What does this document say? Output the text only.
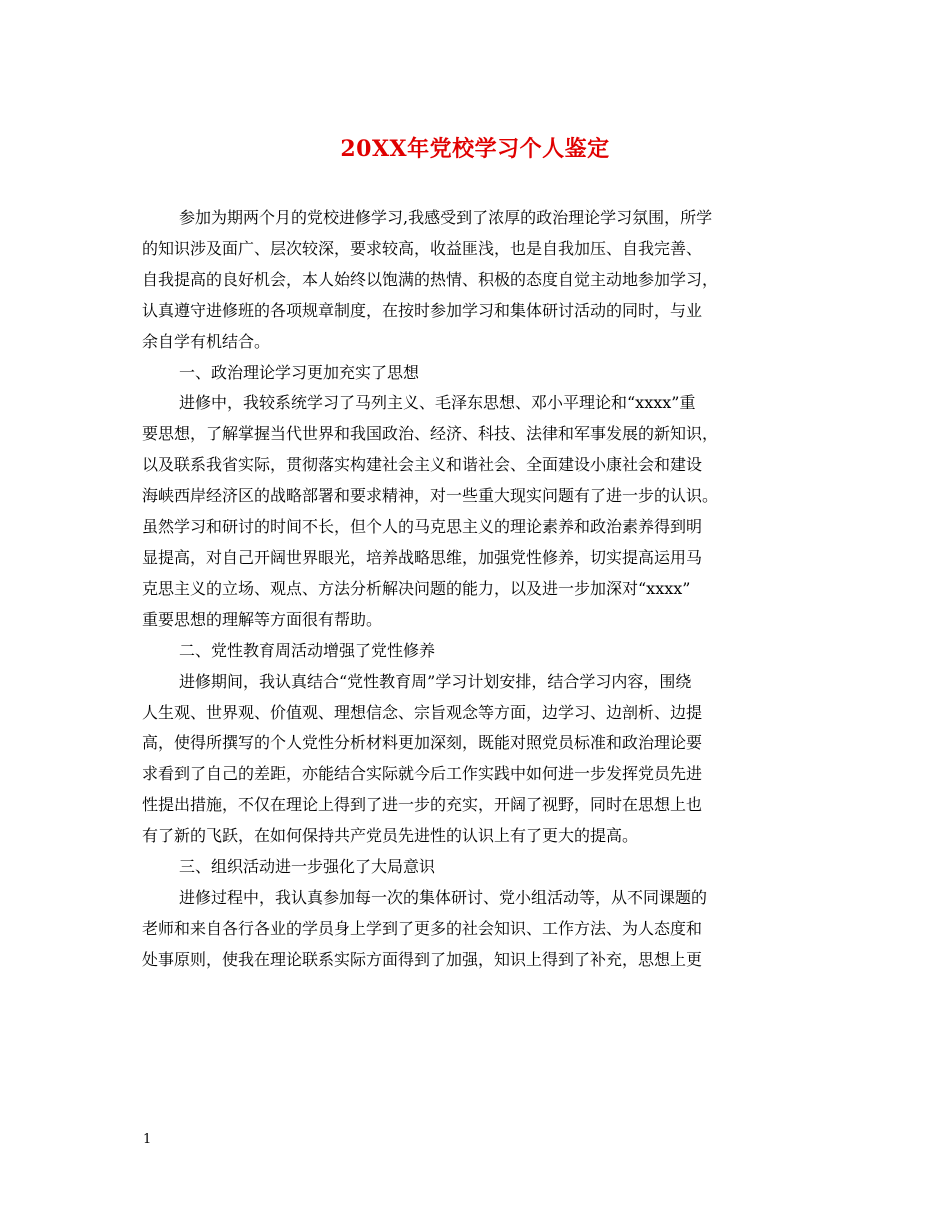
20XX年党校学习个人鉴定

参加为期两个月的党校进修学习,我感受到了浓厚的政治理论学习氛围，所学

的知识涉及面广、层次较深，要求较高，收益匪浅，也是自我加压、自我完善、

自我提高的良好机会，本人始终以饱满的热情、积极的态度自觉主动地参加学习，

认真遵守进修班的各项规章制度，在按时参加学习和集体研讨活动的同时，与业

余自学有机结合。

一、政治理论学习更加充实了思想

进修中，我较系统学习了马列主义、毛泽东思想、邓小平理论和“xxxx”重

要思想，了解掌握当代世界和我国政治、经济、科技、法律和军事发展的新知识，

以及联系我省实际，贯彻落实构建社会主义和谐社会、全面建设小康社会和建设

海峡西岸经济区的战略部署和要求精神，对一些重大现实问题有了进一步的认识。

虽然学习和研讨的时间不长，但个人的马克思主义的理论素养和政治素养得到明

显提高，对自己开阔世界眼光，培养战略思维，加强党性修养，切实提高运用马

克思主义的立场、观点、方法分析解决问题的能力，以及进一步加深对“xxxx”

重要思想的理解等方面很有帮助。

二、党性教育周活动增强了党性修养

进修期间，我认真结合“党性教育周”学习计划安排，结合学习内容，围绕

人生观、世界观、价值观、理想信念、宗旨观念等方面，边学习、边剖析、边提

高，使得所撰写的个人党性分析材料更加深刻，既能对照党员标准和政治理论要

求看到了自己的差距，亦能结合实际就今后工作实践中如何进一步发挥党员先进

性提出措施，不仅在理论上得到了进一步的充实，开阔了视野，同时在思想上也

有了新的飞跃，在如何保持共产党员先进性的认识上有了更大的提高。

三、组织活动进一步强化了大局意识

进修过程中，我认真参加每一次的集体研讨、党小组活动等，从不同课题的

老师和来自各行各业的学员身上学到了更多的社会知识、工作方法、为人态度和

处事原则，使我在理论联系实际方面得到了加强，知识上得到了补充，思想上更

1
